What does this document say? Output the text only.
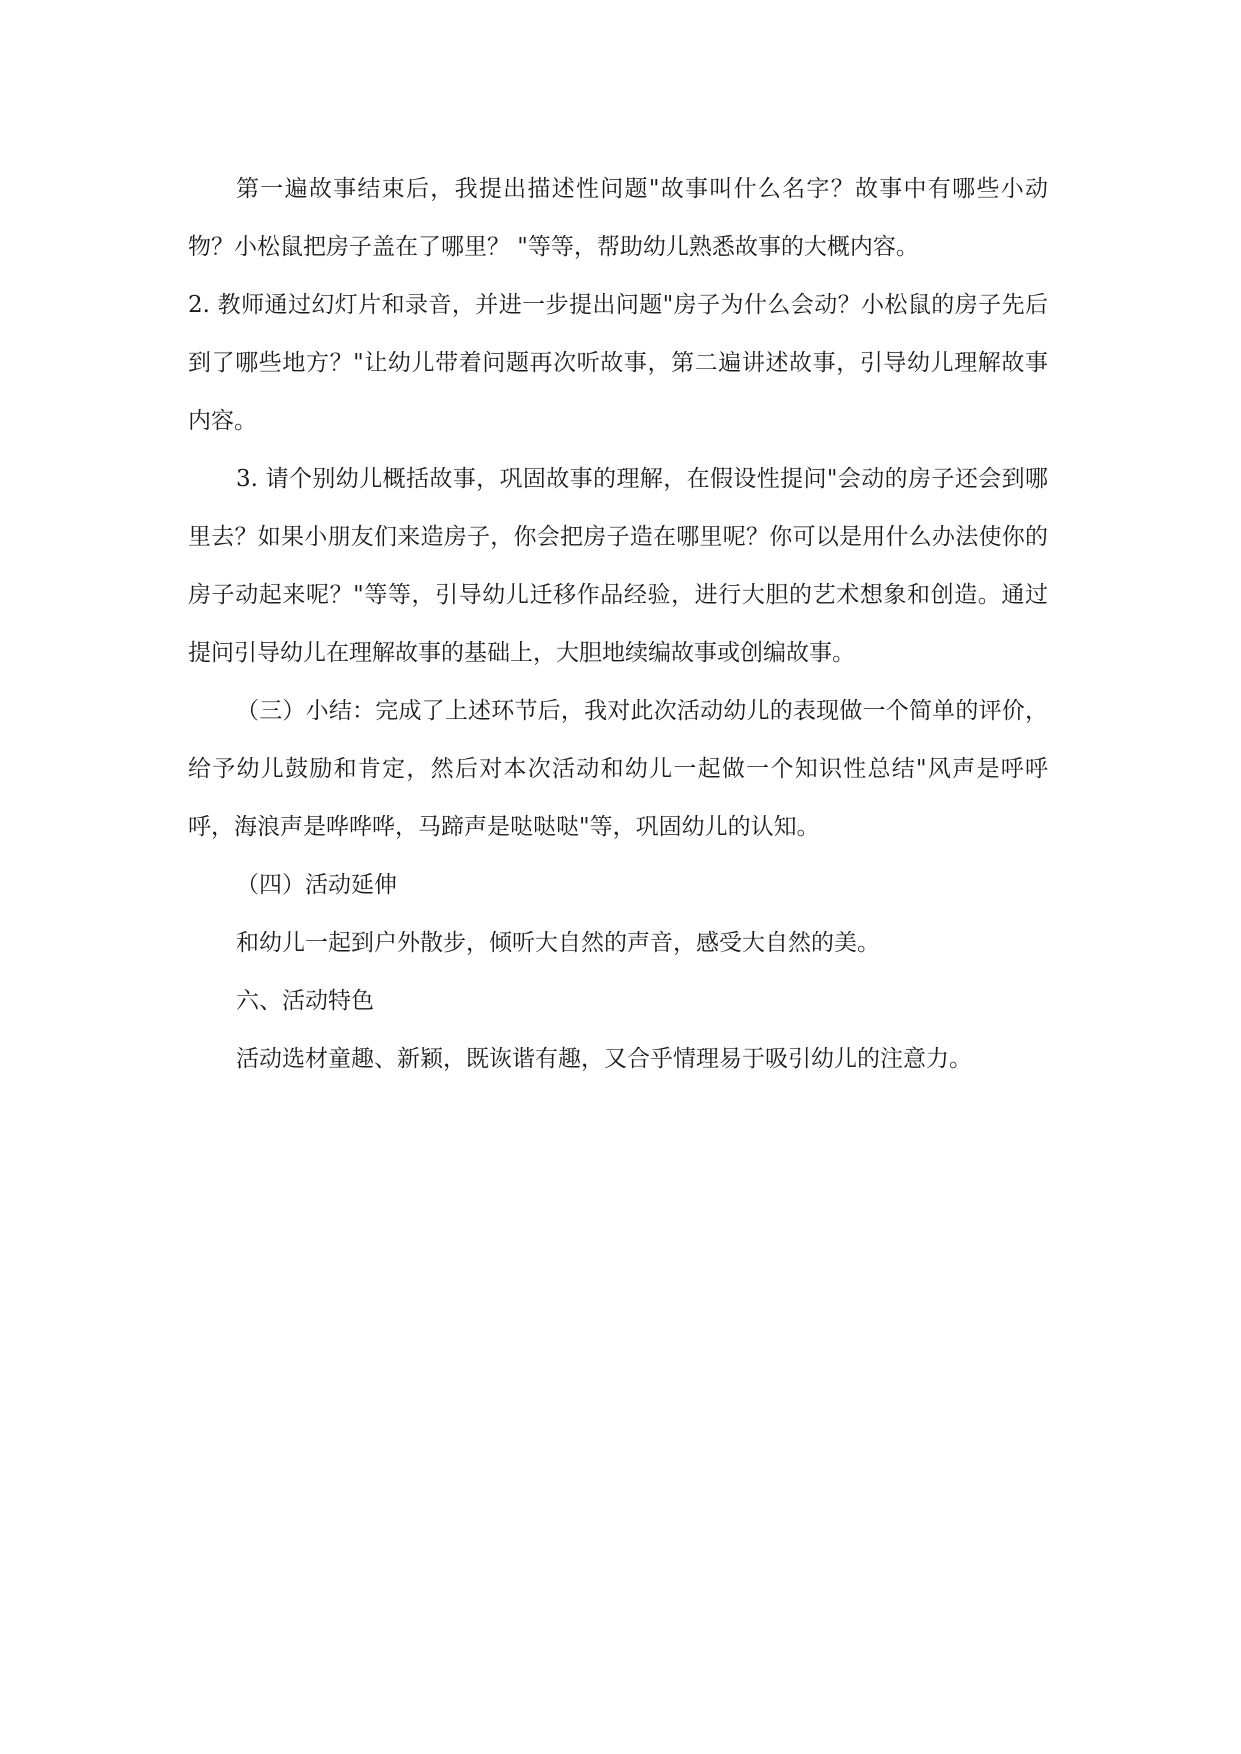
第一遍故事结束后，我提出描述性问题"故事叫什么名字？故事中有哪些小动物？小松鼠把房子盖在了哪里？ "等等，帮助幼儿熟悉故事的大概内容。

2. 教师通过幻灯片和录音，并进一步提出问题"房子为什么会动？小松鼠的房子先后到了哪些地方？"让幼儿带着问题再次听故事，第二遍讲述故事，引导幼儿理解故事内容。

3. 请个别幼儿概括故事，巩固故事的理解，在假设性提问"会动的房子还会到哪里去？如果小朋友们来造房子，你会把房子造在哪里呢？你可以是用什么办法使你的房子动起来呢？"等等，引导幼儿迁移作品经验，进行大胆的艺术想象和创造。通过提问引导幼儿在理解故事的基础上，大胆地续编故事或创编故事。

（三）小结：完成了上述环节后，我对此次活动幼儿的表现做一个简单的评价，给予幼儿鼓励和肯定，然后对本次活动和幼儿一起做一个知识性总结"风声是呼呼呼，海浪声是哗哗哗，马蹄声是哒哒哒"等，巩固幼儿的认知。

（四）活动延伸

和幼儿一起到户外散步，倾听大自然的声音，感受大自然的美。

六、活动特色

活动选材童趣、新颖，既诙谐有趣，又合乎情理易于吸引幼儿的注意力。
